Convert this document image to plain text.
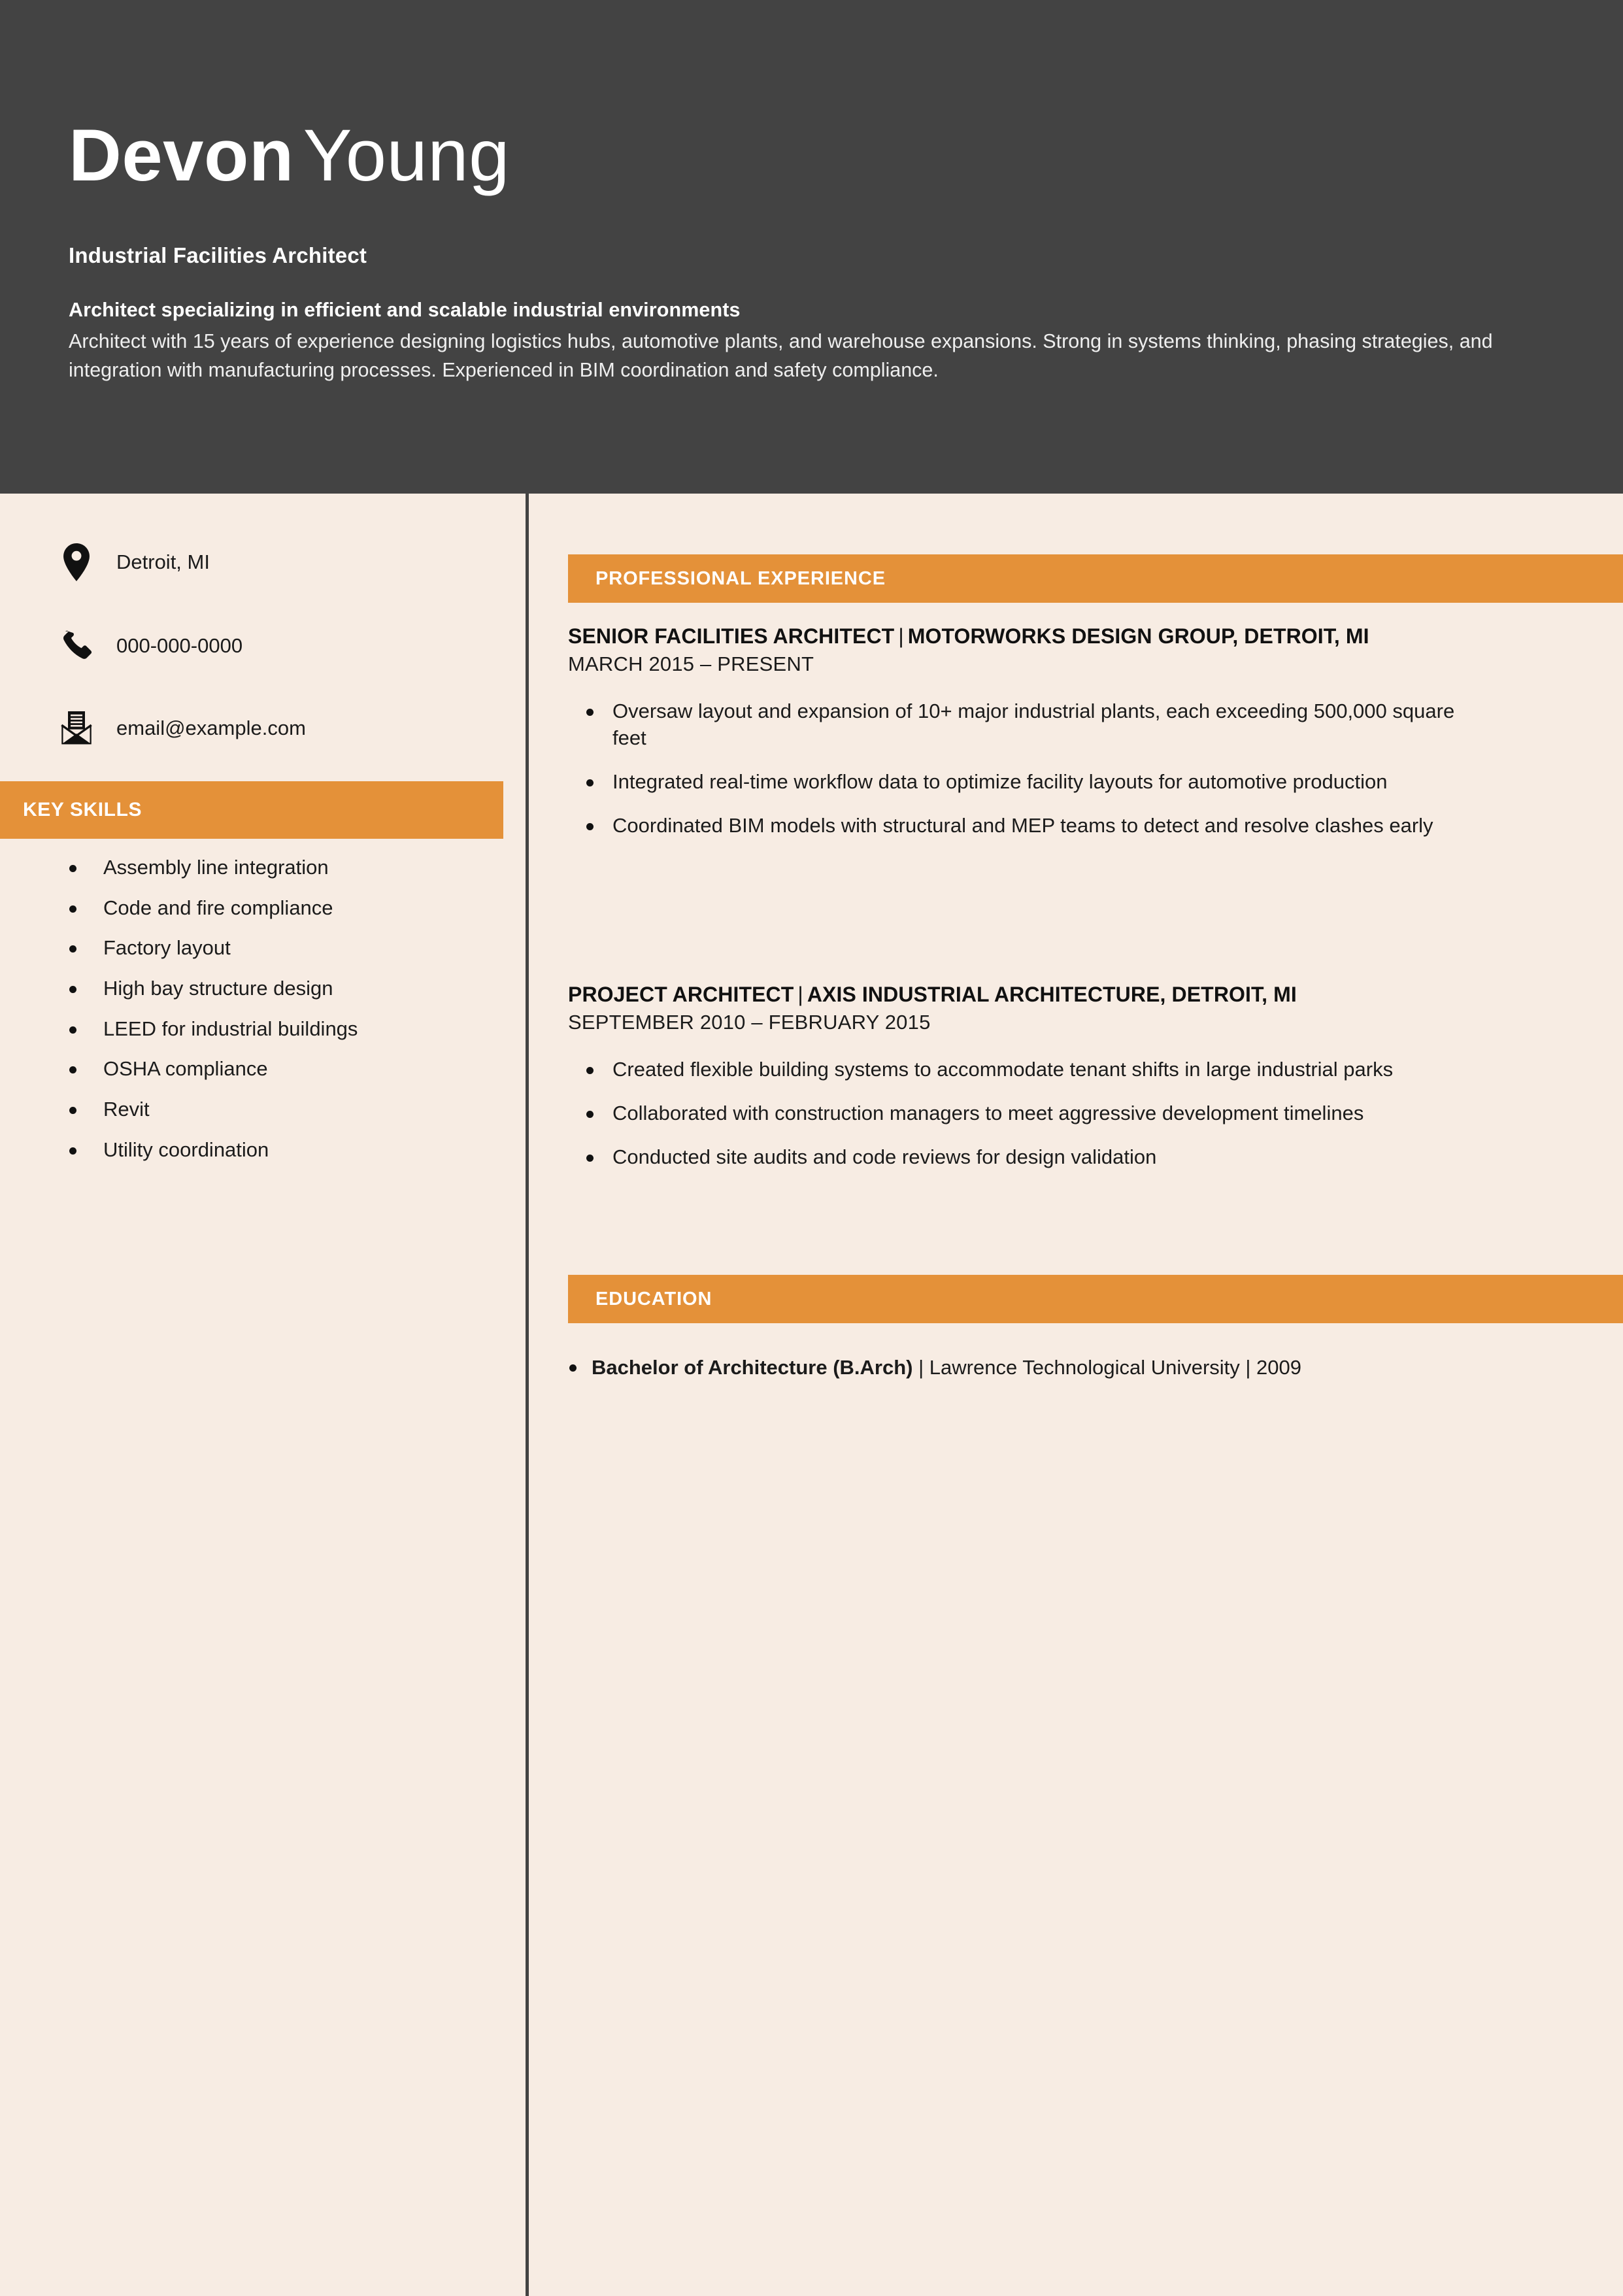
Devon Young
Industrial Facilities Architect
Architect specializing in efficient and scalable industrial environments
Architect with 15 years of experience designing logistics hubs, automotive plants, and warehouse expansions. Strong in systems thinking, phasing strategies, and integration with manufacturing processes. Experienced in BIM coordination and safety compliance.
Detroit, MI
000-000-0000
email@example.com
KEY SKILLS
Assembly line integration
Code and fire compliance
Factory layout
High bay structure design
LEED for industrial buildings
OSHA compliance
Revit
Utility coordination
PROFESSIONAL EXPERIENCE
SENIOR FACILITIES ARCHITECT | MOTORWORKS DESIGN GROUP, DETROIT, MI
MARCH 2015 – PRESENT
Oversaw layout and expansion of 10+ major industrial plants, each exceeding 500,000 square feet
Integrated real-time workflow data to optimize facility layouts for automotive production
Coordinated BIM models with structural and MEP teams to detect and resolve clashes early
PROJECT ARCHITECT | AXIS INDUSTRIAL ARCHITECTURE, DETROIT, MI
SEPTEMBER 2010 – FEBRUARY 2015
Created flexible building systems to accommodate tenant shifts in large industrial parks
Collaborated with construction managers to meet aggressive development timelines
Conducted site audits and code reviews for design validation
EDUCATION
Bachelor of Architecture (B.Arch) | Lawrence Technological University | 2009
